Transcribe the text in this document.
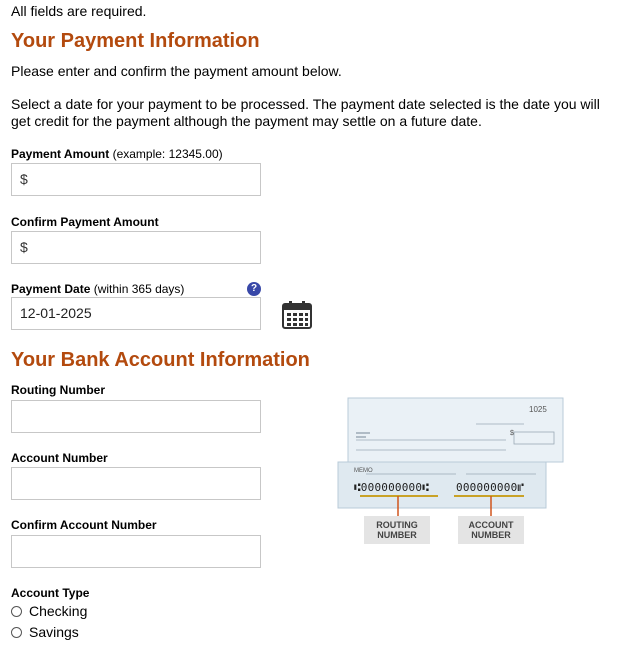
All fields are required.
Your Payment Information
Please enter and confirm the payment amount below.
Select a date for your payment to be processed. The payment date selected is the date you will get credit for the payment although the payment may settle on a future date.
Payment Amount (example: 12345.00)
$
Confirm Payment Amount
$
Payment Date (within 365 days)	?
12-01-2025
Your Bank Account Information
Routing Number
Account Number
Confirm Account Number
Account Type
Checking
Savings
1025
$
MEMO
⑆000000000⑆ 000000000⑈
ROUTING
NUMBER
ACCOUNT
NUMBER
